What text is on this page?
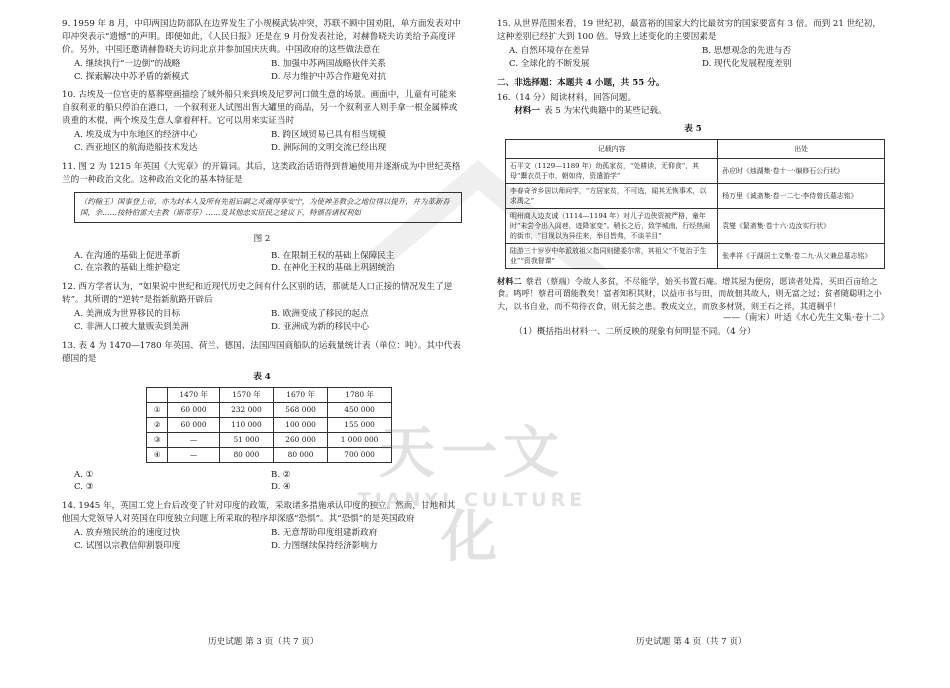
9. 1959 年 8 月，中印两国边防部队在边界发生了小规模武装冲突，苏联不顾中国劝阻，单方面发表对中印冲突表示“遗憾”的声明。即便如此，《人民日报》还是在 9 月份发表社论，对赫鲁晓夫访美给予高度评价。另外，中国还邀请赫鲁晓夫访问北京并参加国庆庆典。中国政府的这些做法意在

A. 继续执行“一边倒”的战略	B. 加强中苏两国战略伙伴关系
C. 探索解决中苏矛盾的新模式	D. 尽力维护中苏合作避免对抗

10. 古埃及一位官吏的墓葬壁画描绘了域外船只来到埃及尼罗河口做生意的场景。画面中，儿童有可能来自叙利亚的船只停泊在港口，一个叙利亚人试图出售大罐里的商品，另一个叙利亚人则手拿一根金属棒或贵重的木棍，两个埃及生意人拿着秤杆。它可以用来实证当时

A. 埃及成为中东地区的经济中心	B. 跨区域贸易已具有相当规模
C. 西亚地区的航海造船技术发达	D. 洲际间的文明交流已经出现

11. 图 2 为 1215 年英国《大宪章》的开篇词。其后，这类政治话语得到普遍使用并逐渐成为中世纪英格兰的一种政治文化。这种政治文化的基本特征是

（约翰王）国事登上帝，亦为封本人及所有先祖后嗣之灵魂得享安宁，为使神圣教会之地位得以提升，并为革新吾国，余……按特伯雷大主教（斯蒂芬）……及其他忠实臣民之建议下，特颁吾诸权利如

图 2

A. 在沟通的基础上促进革新	B. 在限制王权的基础上保障民主
C. 在宗教的基础上维护稳定	D. 在神化王权的基础上巩固统治

12. 西方学者认为，“如果说中世纪和近现代历史之间有什么区别的话，那就是人口正接的情况发生了逆转”。其所谓的“逆转”是指新航路开辟后

A. 美洲成为世界移民的目标	B. 欧洲变成了移民的起点
C. 非洲人口被大量贩卖到美洲	D. 亚洲成为新的移民中心

13. 表 4 为 1470—1780 年英国、荷兰、德国、法国四国商船队的运载量统计表（单位：吨）。其中代表德国的是

表 4

	1470 年	1570 年	1670 年	1780 年
①	60 000	232 000	568 000	450 000
②	60 000	110 000	100 000	155 000
③	—	51 000	260 000	1 000 000
④	—	80 000	80 000	700 000
A. ①	B. ②
C. ③	D. ④

14. 1945 年，英国工党上台后改变了针对印度的政策，采取诸多措施承认印度的独立。然而，甘地和其他国大党领导人对英国在印度独立问题上所采取的程序却深感“恐惧”。其“恐惧”的是英国政府

A. 放弃殖民统治的速度过快	B. 无意帮助印度组建新政府
C. 试图以宗教信仰割裂印度	D. 力图继续保持经济影响力

15. 从世界范围来看，19 世纪初，最富裕的国家大约比最贫穷的国家要富有 3 倍。而到 21 世纪初，这种差别已经扩大到 100 倍。导致上述变化的主要因素是

A. 自然环境存在差异	B. 思想观念的先进与否
C. 全球化的不断发展	D. 现代化发展程度差别

二、非选择题：本题共 4 小题，共 55 分。

16.（14 分）阅读材料，回答问题。

材料一 表 5 为宋代典籍中的某些记载。

表 5

记载内容	出处
石平文（1129—1189 年）幼孤家贫，“处耕读，无仰食”，其母“鬻衣员于市，朝如待，资遣游学”	孙应时《烛湖集·卷十一·编修石公行状》
李春奇爷乡居以师问学，“方居家贫，不可选，闻其无恢事术，以求禹之”	杨万里《诚斋集·卷一二七·李侍曾氏墓志铭》
明州商人边友诚（1114—1194 年）对儿子边侠资被严格，童年时“未尝令出入闾巷，迹降家变”。稍长之后，致学城南，行经热闹的街市，“目视以为异往来，举目皆弗，不谈羊目”	袁燮《絜斋集·卷十六·边汝实行状》
陆游三十岁岁中年派放祖父指同则健委尔常，其祖父“不复治于生业”“资我督课”	张孝祥《于湖居士文集·卷二九·从父兼总墓志铭》

材料二 蔡君（蔡端）令故人多贫，不尽能学，始买书置石庵。增其屋为便房，愿读者处焉，买田百亩给之食。鸣呼！蔡君可谓能教矣！富者知积其财，以益市书与田，而故佃其故人，则无富之过；贫者随聪明之小大，以书自业，而不苟待衣食，则无贫之患。教成文立，而放多材贤，则王石之祥，其道稠乎！

——（南宋）叶适《水心先生文集·卷十二》

（1）概括指出材料一、二所反映的现象有何明显不同。（4 分）

天一文化
TIANYI CULTURE
历史试题 第 3 页（共 7 页）	历史试题 第 4 页（共 7 页）
